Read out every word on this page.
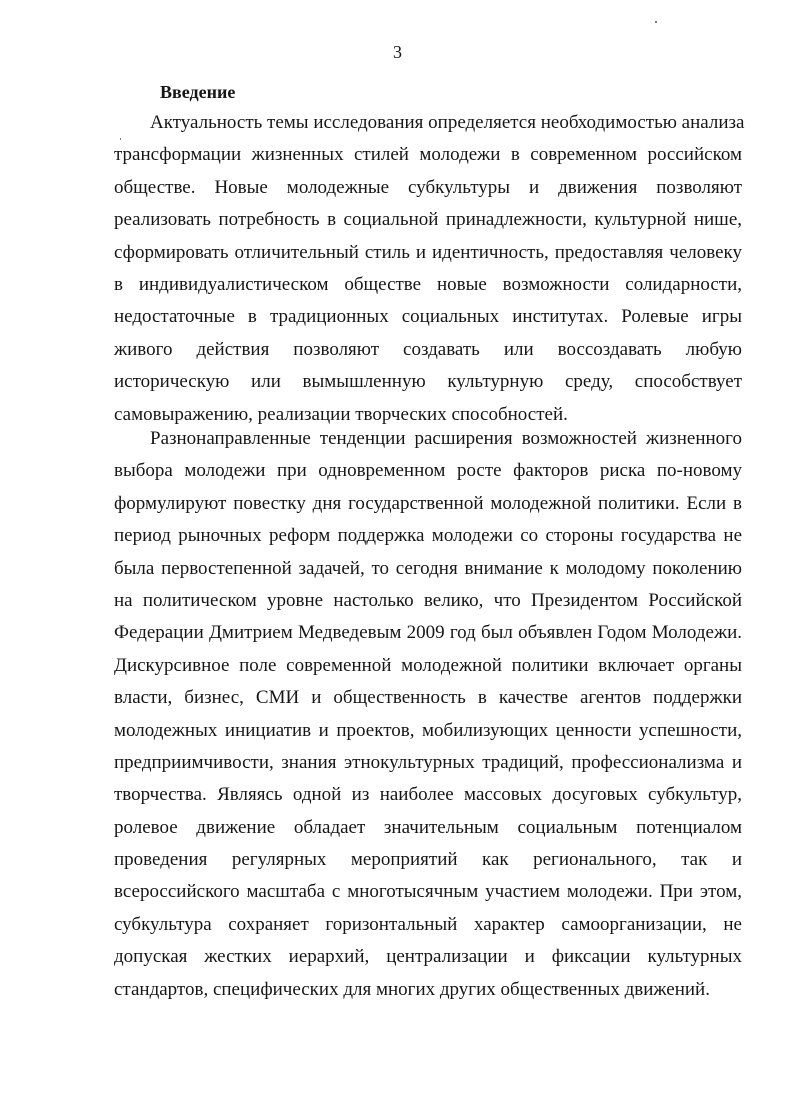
3
Введение
Актуальность темы исследования определяется необходимостью анализа
трансформации жизненных стилей молодежи в современном российском
обществе. Новые молодежные субкультуры и движения позволяют
реализовать потребность в социальной принадлежности, культурной нише,
сформировать отличительный стиль и идентичность, предоставляя человеку
в индивидуалистическом обществе новые возможности солидарности,
недостаточные в традиционных социальных институтах. Ролевые игры
живого действия позволяют создавать или воссоздавать любую
историческую или вымышленную культурную среду, способствует
самовыражению, реализации творческих способностей.
Разнонаправленные тенденции расширения возможностей жизненного
выбора молодежи при одновременном росте факторов риска по-новому
формулируют повестку дня государственной молодежной политики. Если в
период рыночных реформ поддержка молодежи со стороны государства не
была первостепенной задачей, то сегодня внимание к молодому поколению
на политическом уровне настолько велико, что Президентом Российской
Федерации Дмитрием Медведевым 2009 год был объявлен Годом Молодежи.
Дискурсивное поле современной молодежной политики включает органы
власти, бизнес, СМИ и общественность в качестве агентов поддержки
молодежных инициатив и проектов, мобилизующих ценности успешности,
предприимчивости, знания этнокультурных традиций, профессионализма и
творчества. Являясь одной из наиболее массовых досуговых субкультур,
ролевое движение обладает значительным социальным потенциалом
проведения регулярных мероприятий как регионального, так и
всероссийского масштаба с многотысячным участием молодежи. При этом,
субкультура сохраняет горизонтальный характер самоорганизации, не
допуская жестких иерархий, централизации и фиксации культурных
стандартов, специфических для многих других общественных движений.
